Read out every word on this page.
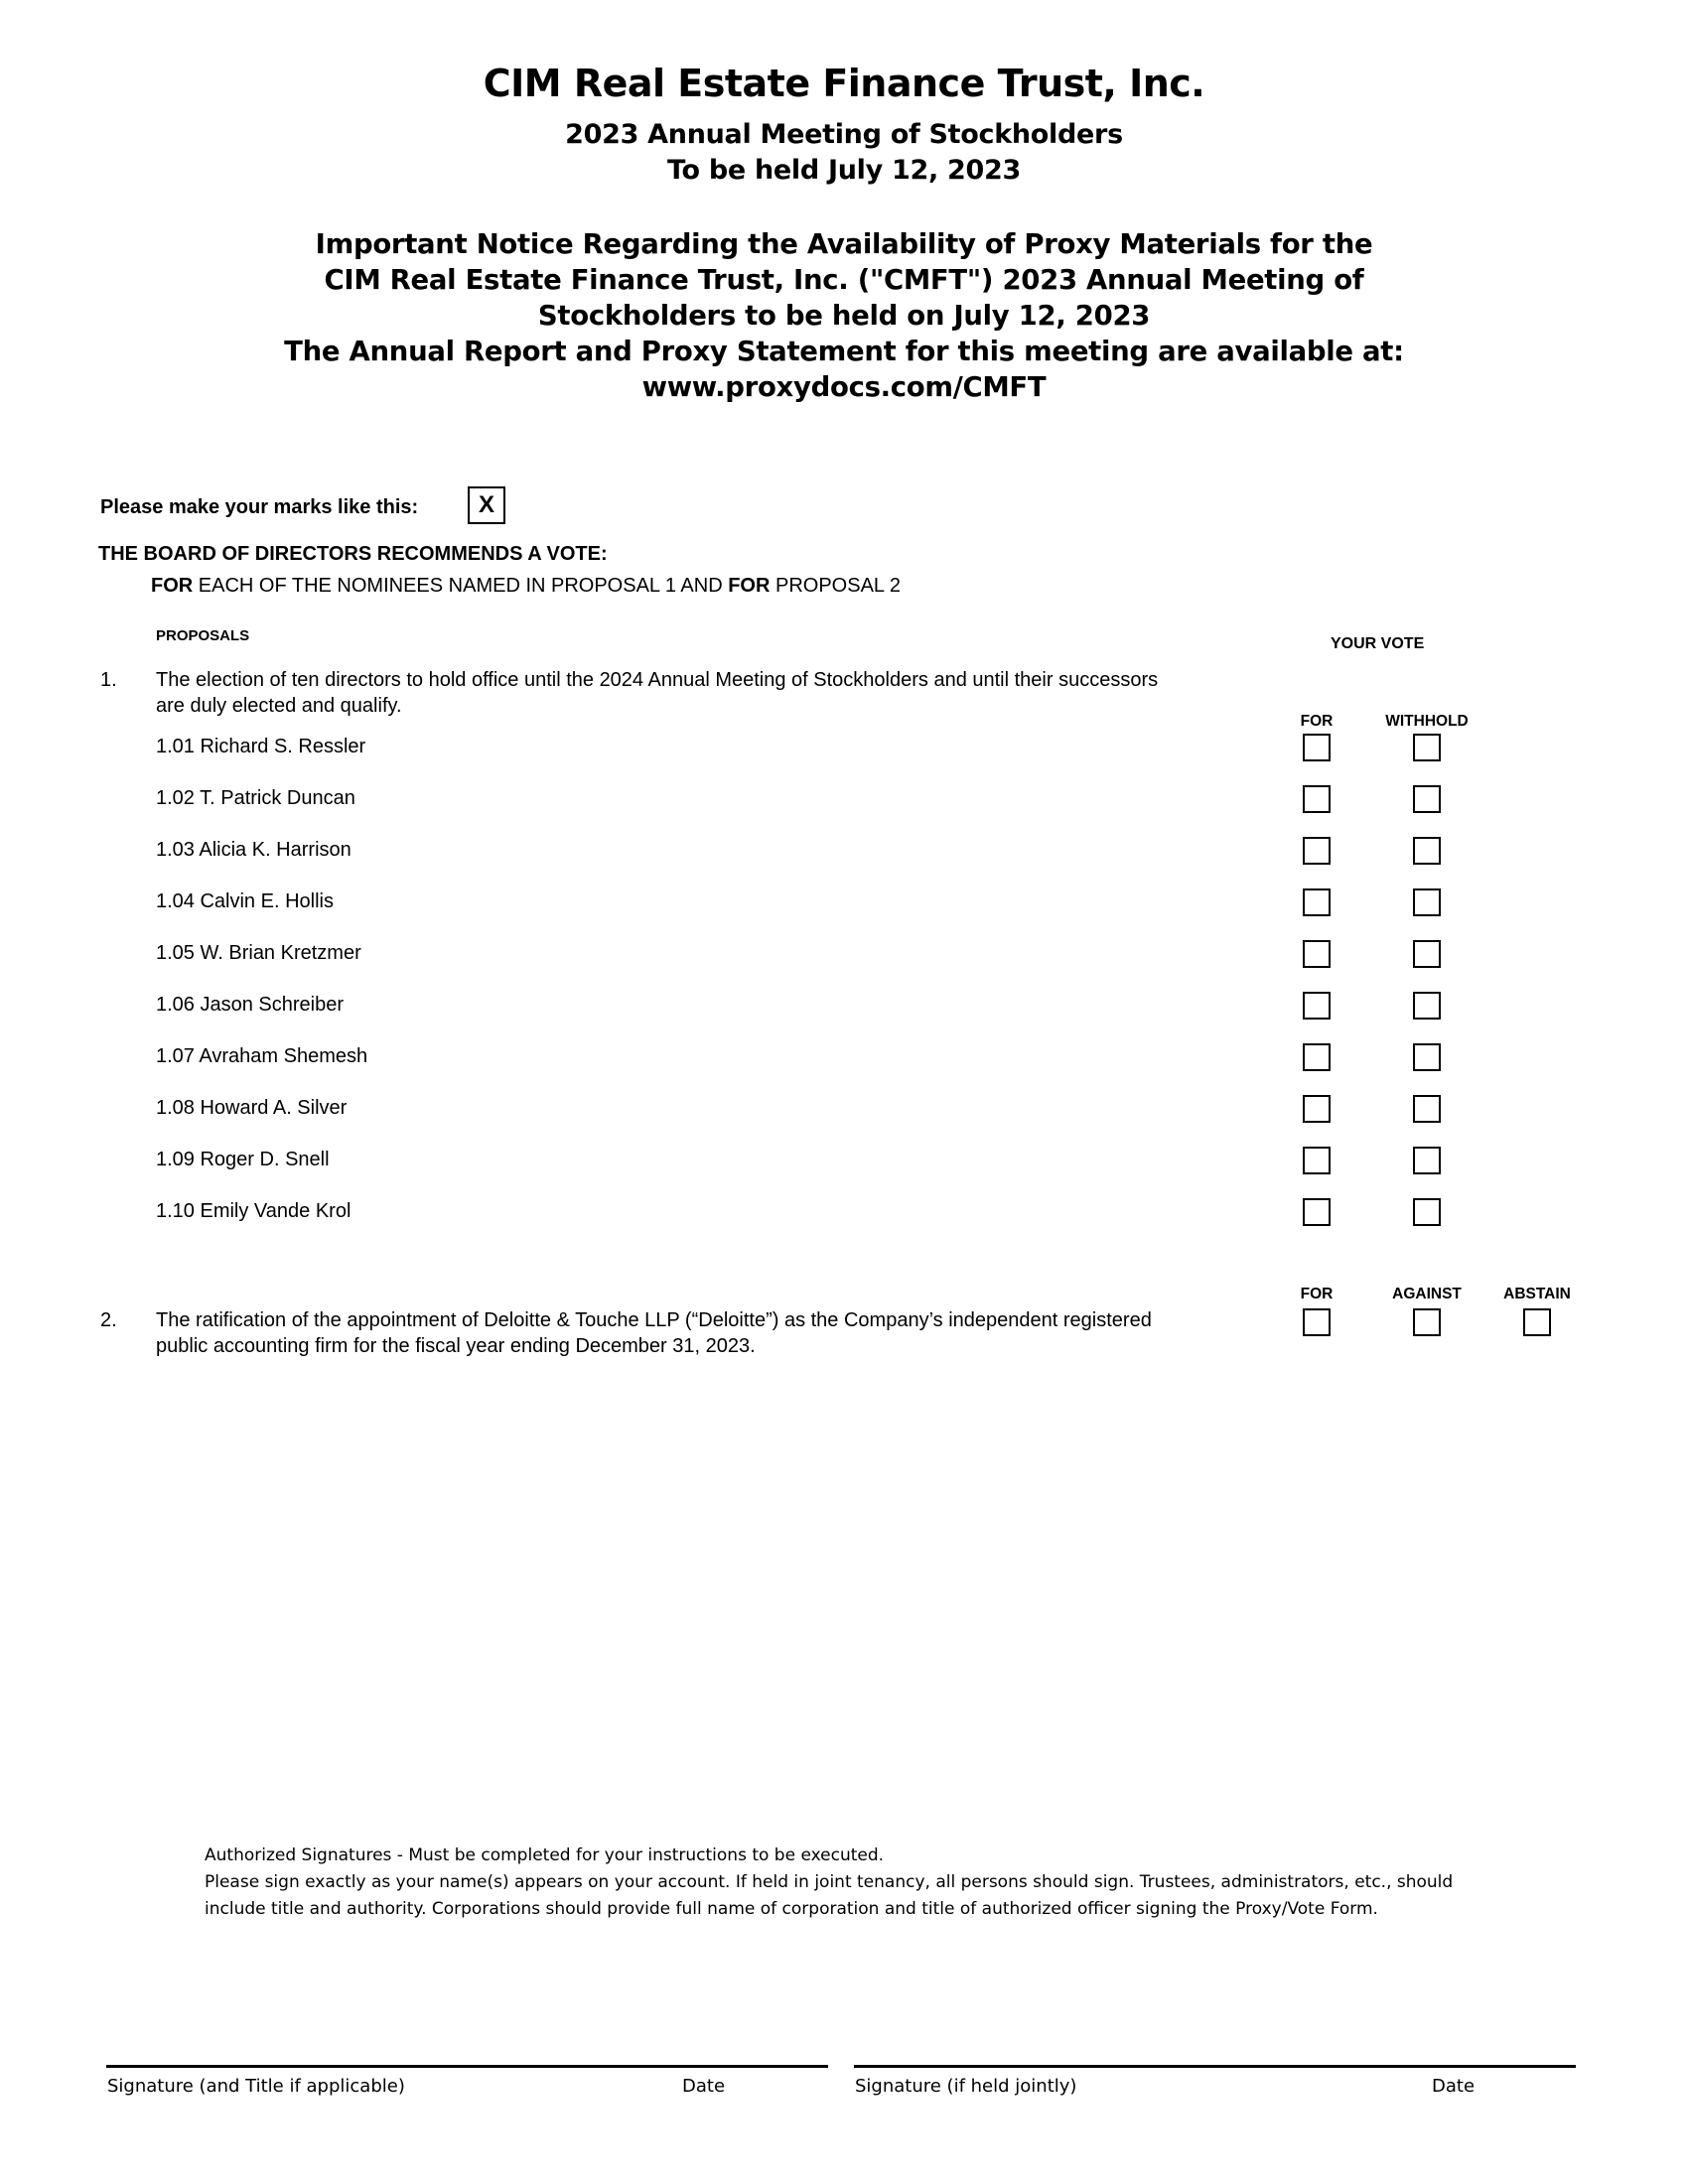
CIM Real Estate Finance Trust, Inc.
2023 Annual Meeting of Stockholders
To be held July 12, 2023
Important Notice Regarding the Availability of Proxy Materials for the
CIM Real Estate Finance Trust, Inc. ("CMFT") 2023 Annual Meeting of
Stockholders to be held on July 12, 2023
The Annual Report and Proxy Statement for this meeting are available at:
www.proxydocs.com/CMFT
Please make your marks like this:	X
THE BOARD OF DIRECTORS RECOMMENDS A VOTE:
FOR EACH OF THE NOMINEES NAMED IN PROPOSAL 1 AND FOR PROPOSAL 2
PROPOSALS	YOUR VOTE
1. The election of ten directors to hold office until the 2024 Annual Meeting of Stockholders and until their successors are duly elected and qualify.
FOR	WITHHOLD
1.01 Richard S. Ressler
1.02 T. Patrick Duncan
1.03 Alicia K. Harrison
1.04 Calvin E. Hollis
1.05 W. Brian Kretzmer
1.06 Jason Schreiber
1.07 Avraham Shemesh
1.08 Howard A. Silver
1.09 Roger D. Snell
1.10 Emily Vande Krol
FOR	AGAINST	ABSTAIN
2. The ratification of the appointment of Deloitte & Touche LLP (“Deloitte”) as the Company’s independent registered public accounting firm for the fiscal year ending December 31, 2023.
Authorized Signatures - Must be completed for your instructions to be executed.
Please sign exactly as your name(s) appears on your account. If held in joint tenancy, all persons should sign. Trustees, administrators, etc., should include title and authority. Corporations should provide full name of corporation and title of authorized officer signing the Proxy/Vote Form.
Signature (and Title if applicable)	Date	Signature (if held jointly)	Date
